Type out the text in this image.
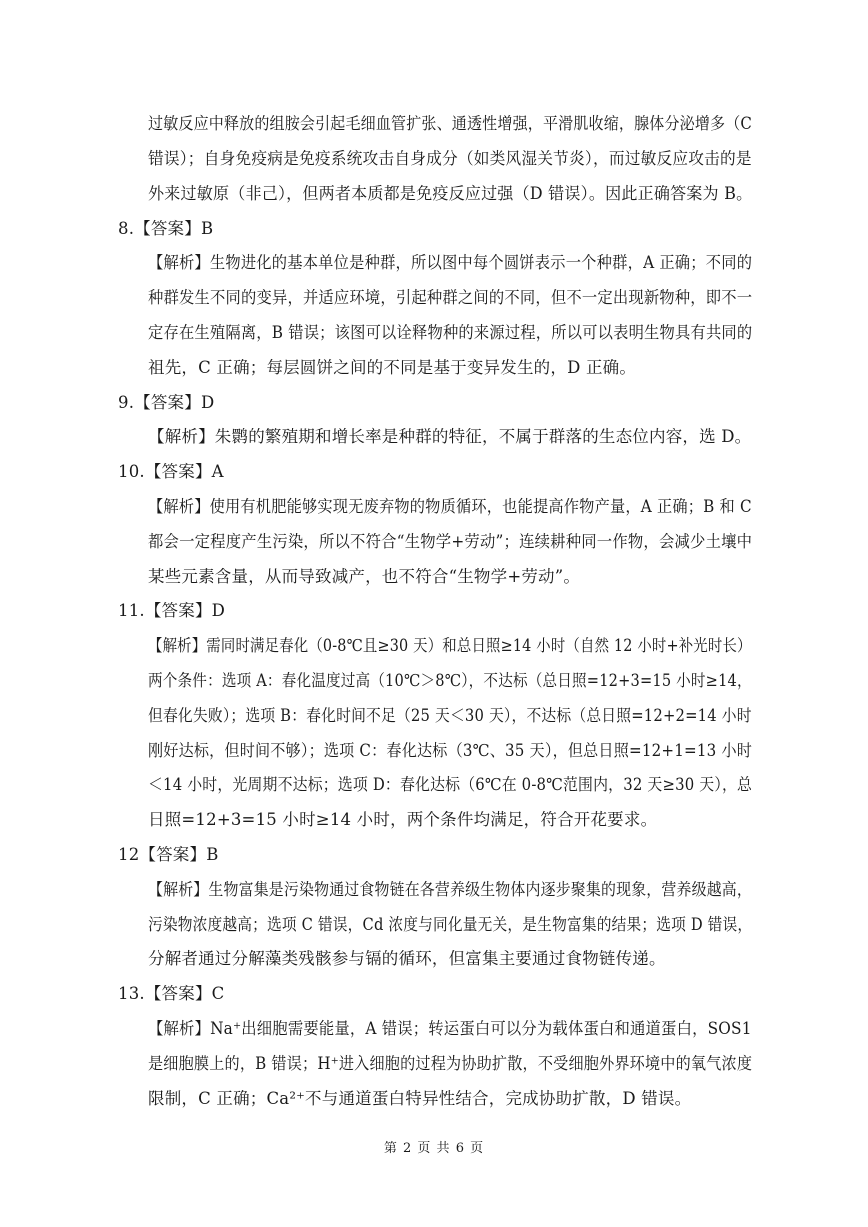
过敏反应中释放的组胺会引起毛细血管扩张、通透性增强，平滑肌收缩，腺体分泌增多（C
错误）；自身免疫病是免疫系统攻击自身成分（如类风湿关节炎），而过敏反应攻击的是
外来过敏原（非己），但两者本质都是免疫反应过强（D 错误）。因此正确答案为 B。
8.【答案】B
【解析】生物进化的基本单位是种群，所以图中每个圆饼表示一个种群，A 正确；不同的
种群发生不同的变异，并适应环境，引起种群之间的不同，但不一定出现新物种，即不一
定存在生殖隔离，B 错误；该图可以诠释物种的来源过程，所以可以表明生物具有共同的
祖先，C 正确；每层圆饼之间的不同是基于变异发生的，D 正确。
9.【答案】D
【解析】朱鹮的繁殖期和增长率是种群的特征，不属于群落的生态位内容，选 D。
10.【答案】A
【解析】使用有机肥能够实现无废弃物的物质循环，也能提高作物产量，A 正确；B 和 C
都会一定程度产生污染，所以不符合“生物学+劳动”；连续耕种同一作物，会减少土壤中
某些元素含量，从而导致减产，也不符合“生物学+劳动”。
11.【答案】D
【解析】需同时满足春化（0-8℃且≥30 天）和总日照≥14 小时（自然 12 小时+补光时长）
两个条件：选项 A：春化温度过高（10℃＞8℃），不达标（总日照=12+3=15 小时≥14，
但春化失败）；选项 B：春化时间不足（25 天＜30 天），不达标（总日照=12+2=14 小时
刚好达标，但时间不够）；选项 C：春化达标（3℃、35 天），但总日照=12+1=13 小时
＜14 小时，光周期不达标；选项 D：春化达标（6℃在 0-8℃范围内，32 天≥30 天），总
日照=12+3=15 小时≥14 小时，两个条件均满足，符合开花要求。
12【答案】B
【解析】生物富集是污染物通过食物链在各营养级生物体内逐步聚集的现象，营养级越高，
污染物浓度越高；选项 C 错误，Cd 浓度与同化量无关，是生物富集的结果；选项 D 错误，
分解者通过分解藻类残骸参与镉的循环，但富集主要通过食物链传递。
13.【答案】C
【解析】Na⁺出细胞需要能量，A 错误；转运蛋白可以分为载体蛋白和通道蛋白，SOS1
是细胞膜上的，B 错误；H⁺进入细胞的过程为协助扩散，不受细胞外界环境中的氧气浓度
限制，C 正确；Ca²⁺不与通道蛋白特异性结合，完成协助扩散，D 错误。
第 2 页 共 6 页
